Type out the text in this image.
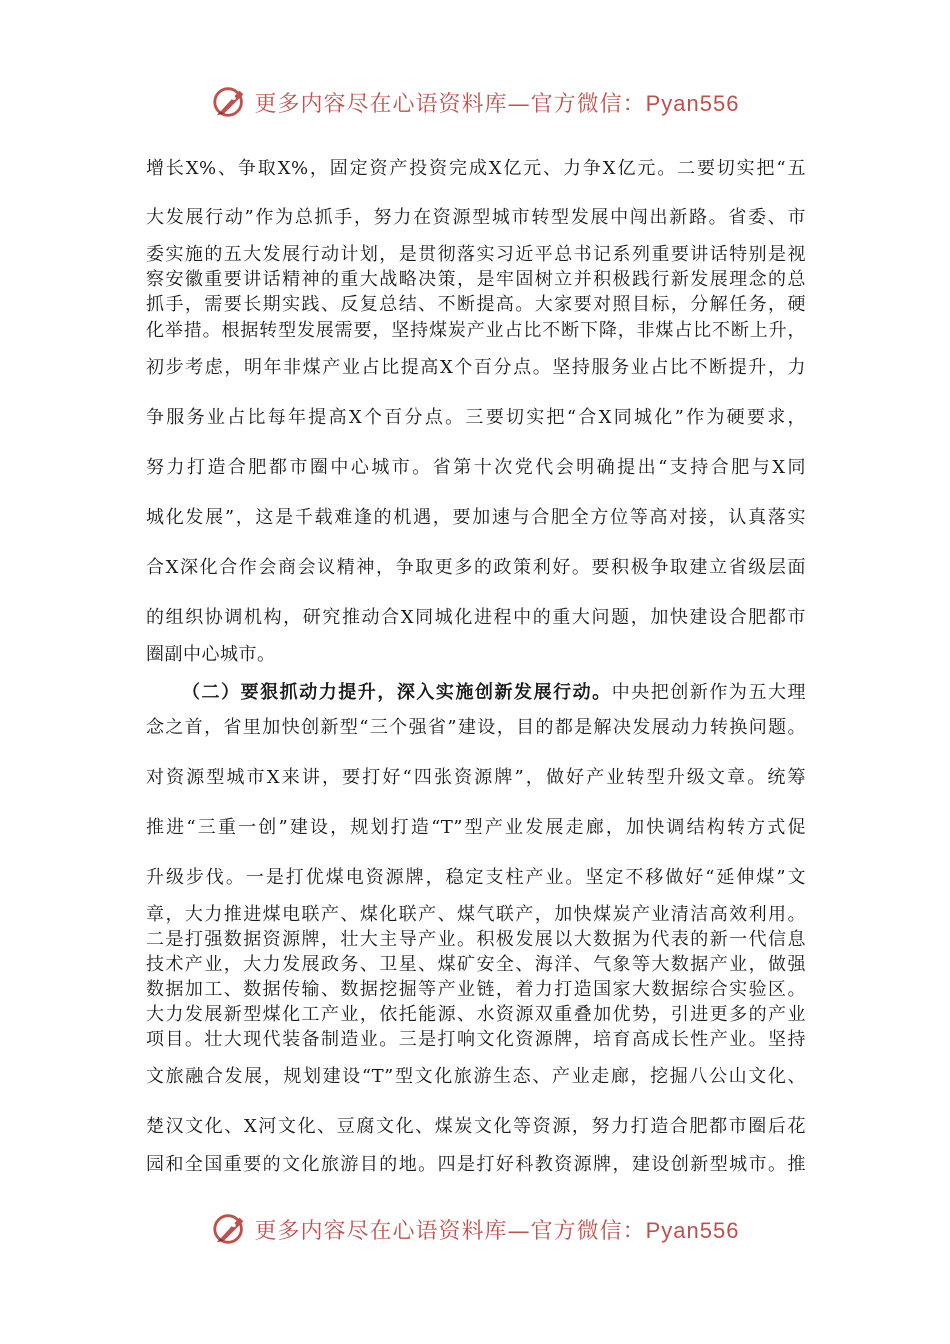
更多内容尽在心语资料库—官方微信：Pyan556
增长X%、争取X%，固定资产投资完成X亿元、力争X亿元。二要切实把“五
大发展行动”作为总抓手，努力在资源型城市转型发展中闯出新路。省委、市
委实施的五大发展行动计划，是贯彻落实习近平总书记系列重要讲话特别是视
察安徽重要讲话精神的重大战略决策，是牢固树立并积极践行新发展理念的总
抓手，需要长期实践、反复总结、不断提高。大家要对照目标，分解任务，硬
化举措。根据转型发展需要，坚持煤炭产业占比不断下降，非煤占比不断上升，
初步考虑，明年非煤产业占比提高X个百分点。坚持服务业占比不断提升，力
争服务业占比每年提高X个百分点。三要切实把“合X同城化”作为硬要求，
努力打造合肥都市圈中心城市。省第十次党代会明确提出“支持合肥与X同
城化发展”，这是千载难逢的机遇，要加速与合肥全方位等高对接，认真落实
合X深化合作会商会议精神，争取更多的政策利好。要积极争取建立省级层面
的组织协调机构，研究推动合X同城化进程中的重大问题，加快建设合肥都市
圈副中心城市。
（二）要狠抓动力提升，深入实施创新发展行动。中央把创新作为五大理
念之首，省里加快创新型“三个强省”建设，目的都是解决发展动力转换问题。
对资源型城市X来讲，要打好“四张资源牌”，做好产业转型升级文章。统筹
推进“三重一创”建设，规划打造“T”型产业发展走廊，加快调结构转方式促
升级步伐。一是打优煤电资源牌，稳定支柱产业。坚定不移做好“延伸煤”文
章，大力推进煤电联产、煤化联产、煤气联产，加快煤炭产业清洁高效利用。
二是打强数据资源牌，壮大主导产业。积极发展以大数据为代表的新一代信息
技术产业，大力发展政务、卫星、煤矿安全、海洋、气象等大数据产业，做强
数据加工、数据传输、数据挖掘等产业链，着力打造国家大数据综合实验区。
大力发展新型煤化工产业，依托能源、水资源双重叠加优势，引进更多的产业
项目。壮大现代装备制造业。三是打响文化资源牌，培育高成长性产业。坚持
文旅融合发展，规划建设“T”型文化旅游生态、产业走廊，挖掘八公山文化、
楚汉文化、X河文化、豆腐文化、煤炭文化等资源，努力打造合肥都市圈后花
园和全国重要的文化旅游目的地。四是打好科教资源牌，建设创新型城市。推
更多内容尽在心语资料库—官方微信：Pyan556
